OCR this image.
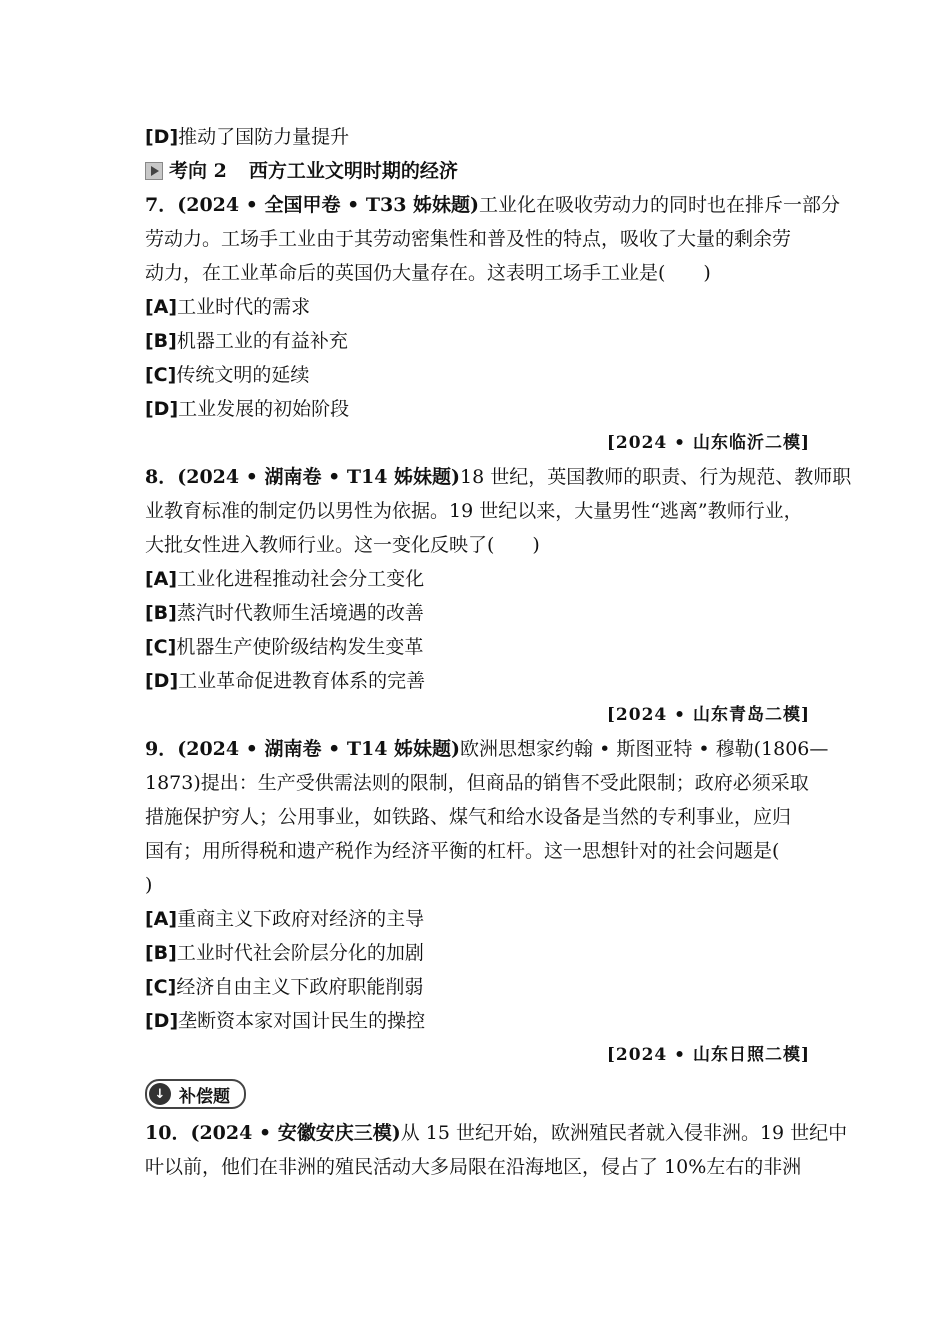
[D]推动了国防力量提升
考向 2 西方工业文明时期的经济
7．(2024 • 全国甲卷 • T33 姊妹题)工业化在吸收劳动力的同时也在排斥一部分
劳动力。工场手工业由于其劳动密集性和普及性的特点，吸收了大量的剩余劳
动力，在工业革命后的英国仍大量存在。这表明工场手工业是(　　)
[A]工业时代的需求
[B]机器工业的有益补充
[C]传统文明的延续
[D]工业发展的初始阶段
[2024 • 山东临沂二模]
8．(2024 • 湖南卷 • T14 姊妹题)18 世纪，英国教师的职责、行为规范、教师职
业教育标准的制定仍以男性为依据。19 世纪以来，大量男性“逃离”教师行业，
大批女性进入教师行业。这一变化反映了(　　)
[A]工业化进程推动社会分工变化
[B]蒸汽时代教师生活境遇的改善
[C]机器生产使阶级结构发生变革
[D]工业革命促进教育体系的完善
[2024 • 山东青岛二模]
9．(2024 • 湖南卷 • T14 姊妹题)欧洲思想家约翰 • 斯图亚特 • 穆勒(1806—
1873)提出：生产受供需法则的限制，但商品的销售不受此限制；政府必须采取
措施保护穷人；公用事业，如铁路、煤气和给水设备是当然的专利事业，应归
国有；用所得税和遗产税作为经济平衡的杠杆。这一思想针对的社会问题是(
)
[A]重商主义下政府对经济的主导
[B]工业时代社会阶层分化的加剧
[C]经济自由主义下政府职能削弱
[D]垄断资本家对国计民生的操控
[2024 • 山东日照二模]
↓ 补偿题
10．(2024 • 安徽安庆三模)从 15 世纪开始，欧洲殖民者就入侵非洲。19 世纪中
叶以前，他们在非洲的殖民活动大多局限在沿海地区，侵占了 10%左右的非洲
